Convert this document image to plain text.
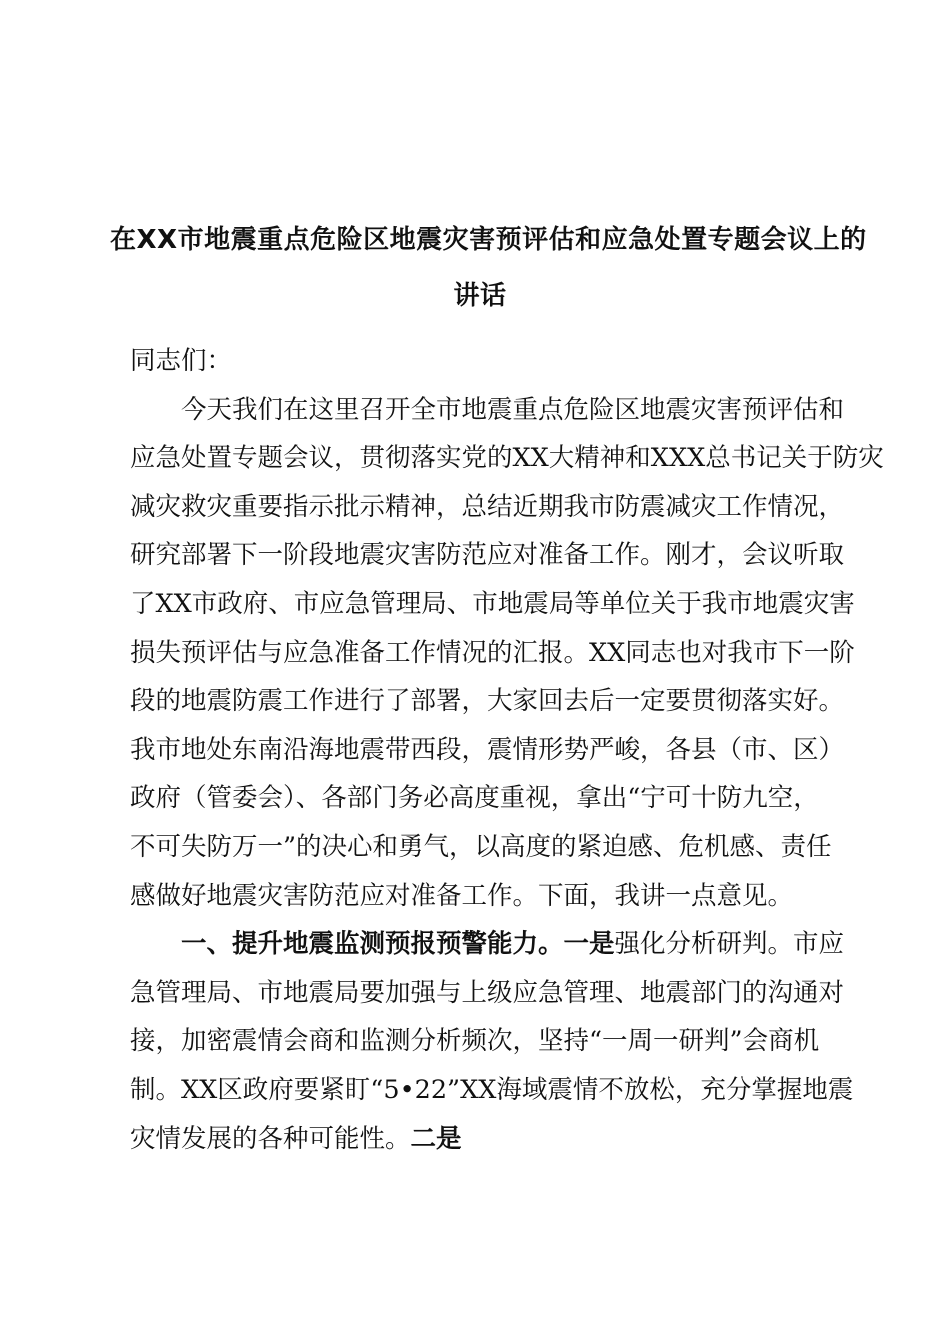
在XX市地震重点危险区地震灾害预评估和应急处置专题会议上的
讲话
同志们：
今天我们在这里召开全市地震重点危险区地震灾害预评估和
应急处置专题会议，贯彻落实党的XX大精神和XXX总书记关于防灾
减灾救灾重要指示批示精神，总结近期我市防震减灾工作情况，
研究部署下一阶段地震灾害防范应对准备工作。刚才，会议听取
了XX市政府、市应急管理局、市地震局等单位关于我市地震灾害
损失预评估与应急准备工作情况的汇报。XX同志也对我市下一阶
段的地震防震工作进行了部署，大家回去后一定要贯彻落实好。
我市地处东南沿海地震带西段，震情形势严峻，各县（市、区）
政府（管委会）、各部门务必高度重视，拿出“宁可十防九空，
不可失防万一”的决心和勇气，以高度的紧迫感、危机感、责任
感做好地震灾害防范应对准备工作。下面，我讲一点意见。
一、提升地震监测预报预警能力。一是强化分析研判。市应
急管理局、市地震局要加强与上级应急管理、地震部门的沟通对
接，加密震情会商和监测分析频次，坚持“一周一研判”会商机
制。XX区政府要紧盯“5•22”XX海域震情不放松，充分掌握地震
灾情发展的各种可能性。二是
